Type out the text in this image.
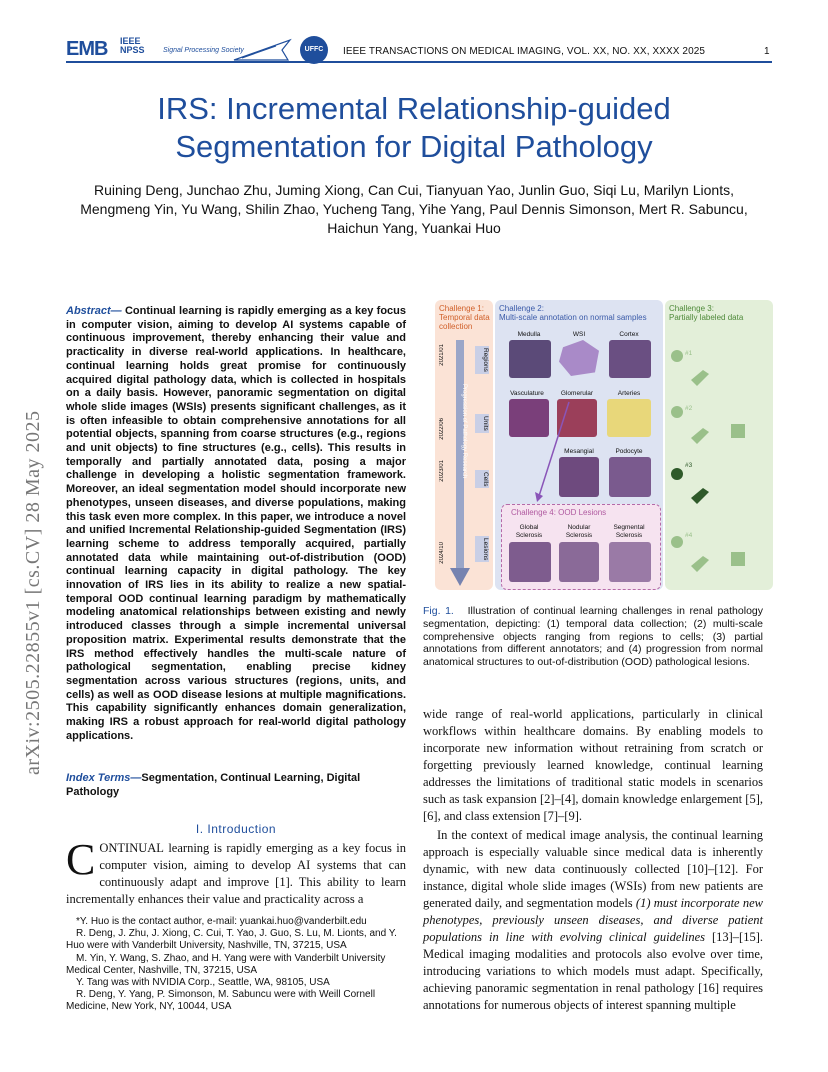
EMB IEEE NPSS	Signal Processing Society	UFFC	IEEE TRANSACTIONS ON MEDICAL IMAGING, VOL. XX, NO. XX, XXXX 2025	1
IRS: Incremental Relationship-guided Segmentation for Digital Pathology
Ruining Deng, Junchao Zhu, Juming Xiong, Can Cui, Tianyuan Yao, Junlin Guo, Siqi Lu, Marilyn Lionts, Mengmeng Yin, Yu Wang, Shilin Zhao, Yucheng Tang, Yihe Yang, Paul Dennis Simonson, Mert R. Sabuncu, Haichun Yang, Yuankai Huo
arXiv:2505.22855v1 [cs.CV] 28 May 2025
Abstract— Continual learning is rapidly emerging as a key focus in computer vision, aiming to develop AI systems capable of continuous improvement, thereby enhancing their value and practicality in diverse real-world applications. In healthcare, continual learning holds great promise for continuously acquired digital pathology data, which is collected in hospitals on a daily basis. However, panoramic segmentation on digital whole slide images (WSIs) presents significant challenges, as it is often infeasible to obtain comprehensive annotations for all potential objects, spanning from coarse structures (e.g., regions and unit objects) to fine structures (e.g., cells). This results in temporally and partially annotated data, posing a major challenge in developing a holistic segmentation framework. Moreover, an ideal segmentation model should incorporate new phenotypes, unseen diseases, and diverse populations, making this task even more complex. In this paper, we introduce a novel and unified Incremental Relationship-guided Segmentation (IRS) learning scheme to address temporally acquired, partially annotated data while maintaining out-of-distribution (OOD) continual learning capacity in digital pathology. The key innovation of IRS lies in its ability to realize a new spatial-temporal OOD continual learning paradigm by mathematically modeling anatomical relationships between existing and newly introduced classes through a simple incremental universal proposition matrix. Experimental results demonstrate that the IRS method effectively handles the multi-scale nature of pathological segmentation, enabling precise kidney segmentation across various structures (regions, units, and cells) as well as OOD disease lesions at multiple magnifications. This capability significantly enhances domain generalization, making IRS a robust approach for real-world digital pathology applications.
Index Terms—Segmentation, Continual Learning, Digital Pathology
I. Introduction
CONTINUAL learning is rapidly emerging as a key focus in computer vision, aiming to develop AI systems that can continuously adapt and improve [1]. This ability to learn incrementally enhances their value and practicality across a

*Y. Huo is the contact author, e-mail: yuankai.huo@vanderbilt.edu

R. Deng, J. Zhu, J. Xiong, C. Cui, T. Yao, J. Guo, S. Lu, M. Lionts, and Y. Huo were with Vanderbilt University, Nashville, TN, 37215, USA

M. Yin, Y. Wang, S. Zhao, and H. Yang were with Vanderbilt University Medical Center, Nashville, TN, 37215, USA

Y. Tang was with NVIDIA Corp., Seattle, WA, 98105, USA

R. Deng, Y. Yang, P. Simonson, M. Sabuncu were with Weill Cornell Medicine, New York, NY, 10044, USA

Challenge 1:
Temporal data
collection
Challenge 2:
Multi-scale annotation on normal samples
Challenge 3:
Partially labeled data
Challenge 4: OOD Lesions
2021/01
2022/06
2023/01
2024/10
Progression of Pathology Research
Regions
Units
Cells
Lesions
Medulla	WSI	Cortex
Vasculature	Glomerular	Arteries
Mesangial	Podocyte
Global
Sclerosis
Nodular
Sclerosis
Segmental
Sclerosis
#1
#2
#3
#4
Fig. 1. Illustration of continual learning challenges in renal pathology segmentation, depicting: (1) temporal data collection; (2) multi-scale comprehensive objects ranging from regions to cells; (3) partial annotations from different annotators; and (4) progression from normal anatomical structures to out-of-distribution (OOD) pathological lesions.

wide range of real-world applications, particularly in clinical workflows within healthcare domains. By enabling models to incorporate new information without retraining from scratch or forgetting previously learned knowledge, continual learning addresses the limitations of traditional static models in scenarios such as task expansion [2]–[4], domain knowledge enlargement [5], [6], and class extension [7]–[9].

In the context of medical image analysis, the continual learning approach is especially valuable since medical data is inherently dynamic, with new data continuously collected [10]–[12]. For instance, digital whole slide images (WSIs) from new patients are generated daily, and segmentation models (1) must incorporate new phenotypes, previously unseen diseases, and diverse patient populations in line with evolving clinical guidelines [13]–[15]. Medical imaging modalities and protocols also evolve over time, introducing variations to which models must adapt. Specifically, achieving panoramic segmentation in renal pathology [16] requires annotations for numerous objects of interest spanning multiple
